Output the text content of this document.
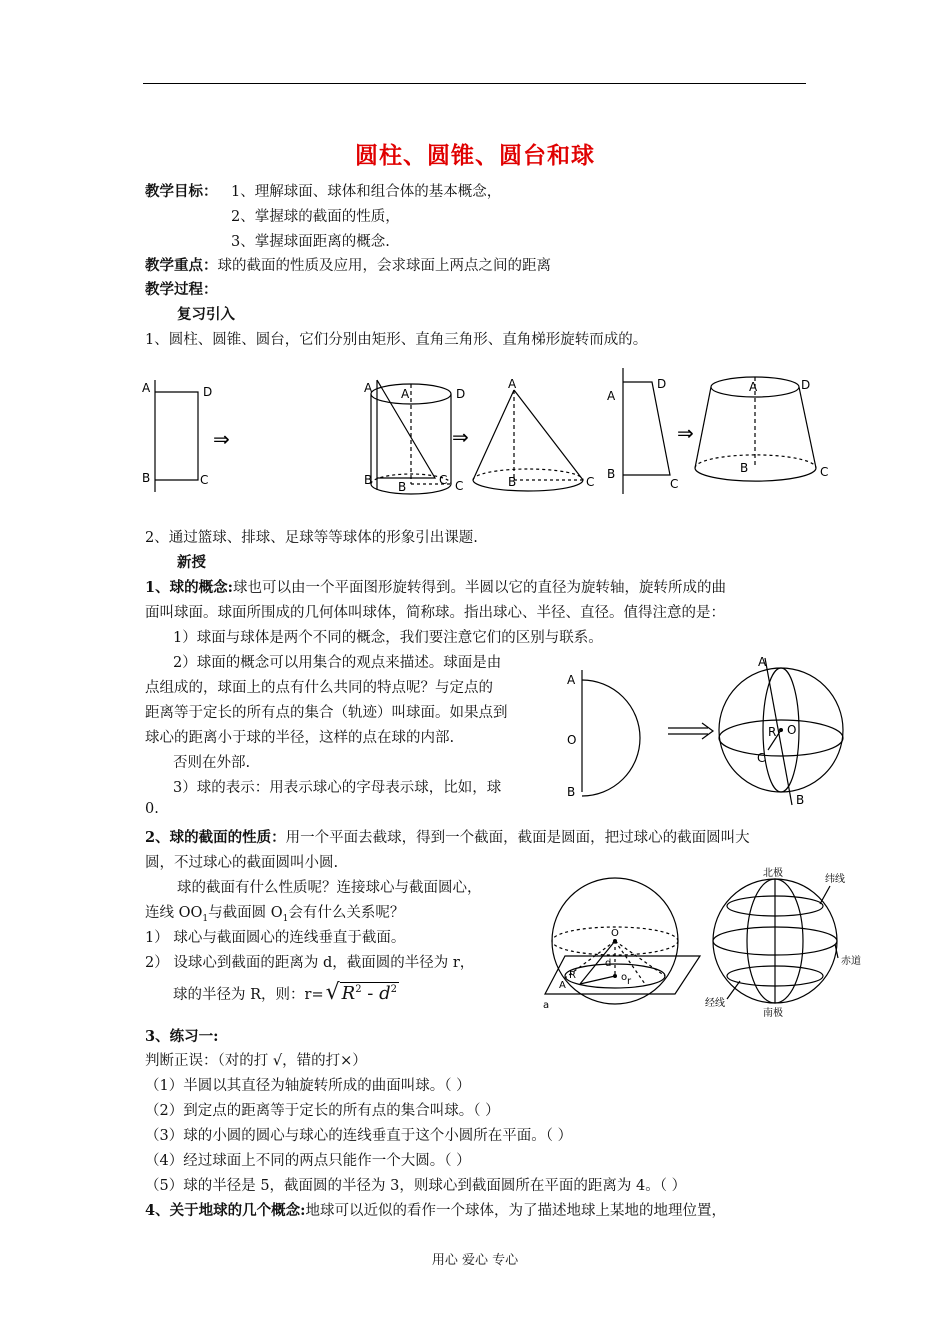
圆柱、圆锥、圆台和球
教学目标： 1、理解球面、球体和组合体的基本概念，
2、掌握球的截面的性质，
3、掌握球面距离的概念.
教学重点：球的截面的性质及应用，会求球面上两点之间的距离
教学过程：
复习引入
1、圆柱、圆锥、圆台，它们分别由矩形、直角三角形、直角梯形旋转而成的。
A	D
B	C
⇒
A	D
B	C
A
B	C
⇒
A
B	C
A
D
B
C
⇒
A	D
B	C
2、通过篮球、排球、足球等等球体的形象引出课题.
新授
1、球的概念:球也可以由一个平面图形旋转得到。半圆以它的直径为旋转轴，旋转所成的曲
面叫球面。球面所围成的几何体叫球体，简称球。指出球心、半径、直径。值得注意的是：
1）球面与球体是两个不同的概念，我们要注意它们的区别与联系。
2）球面的概念可以用集合的观点来描述。球面是由
点组成的，球面上的点有什么共同的特点呢？与定点的
距离等于定长的所有点的集合（轨迹）叫球面。如果点到
球心的距离小于球的半径，这样的点在球的内部.
否则在外部.
3）球的表示：用表示球心的字母表示球，比如，球
0.
A
O
B
A
R O
C
B
2、球的截面的性质：用一个平面去截球，得到一个截面，截面是圆面，把过球心的截面圆叫大
圆，不过球心的截面圆叫小圆.
球的截面有什么性质呢？连接球心与截面圆心，
连线 $OO_1$与截面圆 $O_1$会有什么关系呢？
1） 球心与截面圆心的连线垂直于截面。
2） 设球心到截面的距离为 d，截面圆的半径为 r，
球的半径为 R，则：r=√ $R^2 - d^2$
O
R
d
r
o
A
a
北极
纬线
赤道
经线
南极
3、练习一:
判断正误：（对的打 √，错的打×）
（1）半圆以其直径为轴旋转所成的曲面叫球。（ ）
（2）到定点的距离等于定长的所有点的集合叫球。（ ）
（3）球的小圆的圆心与球心的连线垂直于这个小圆所在平面。（ ）
（4）经过球面上不同的两点只能作一个大圆。（ ）
（5）球的半径是 5，截面圆的半径为 3，则球心到截面圆所在平面的距离为 4。（ ）
4、关于地球的几个概念:地球可以近似的看作一个球体，为了描述地球上某地的地理位置，
用心 爱心 专心
